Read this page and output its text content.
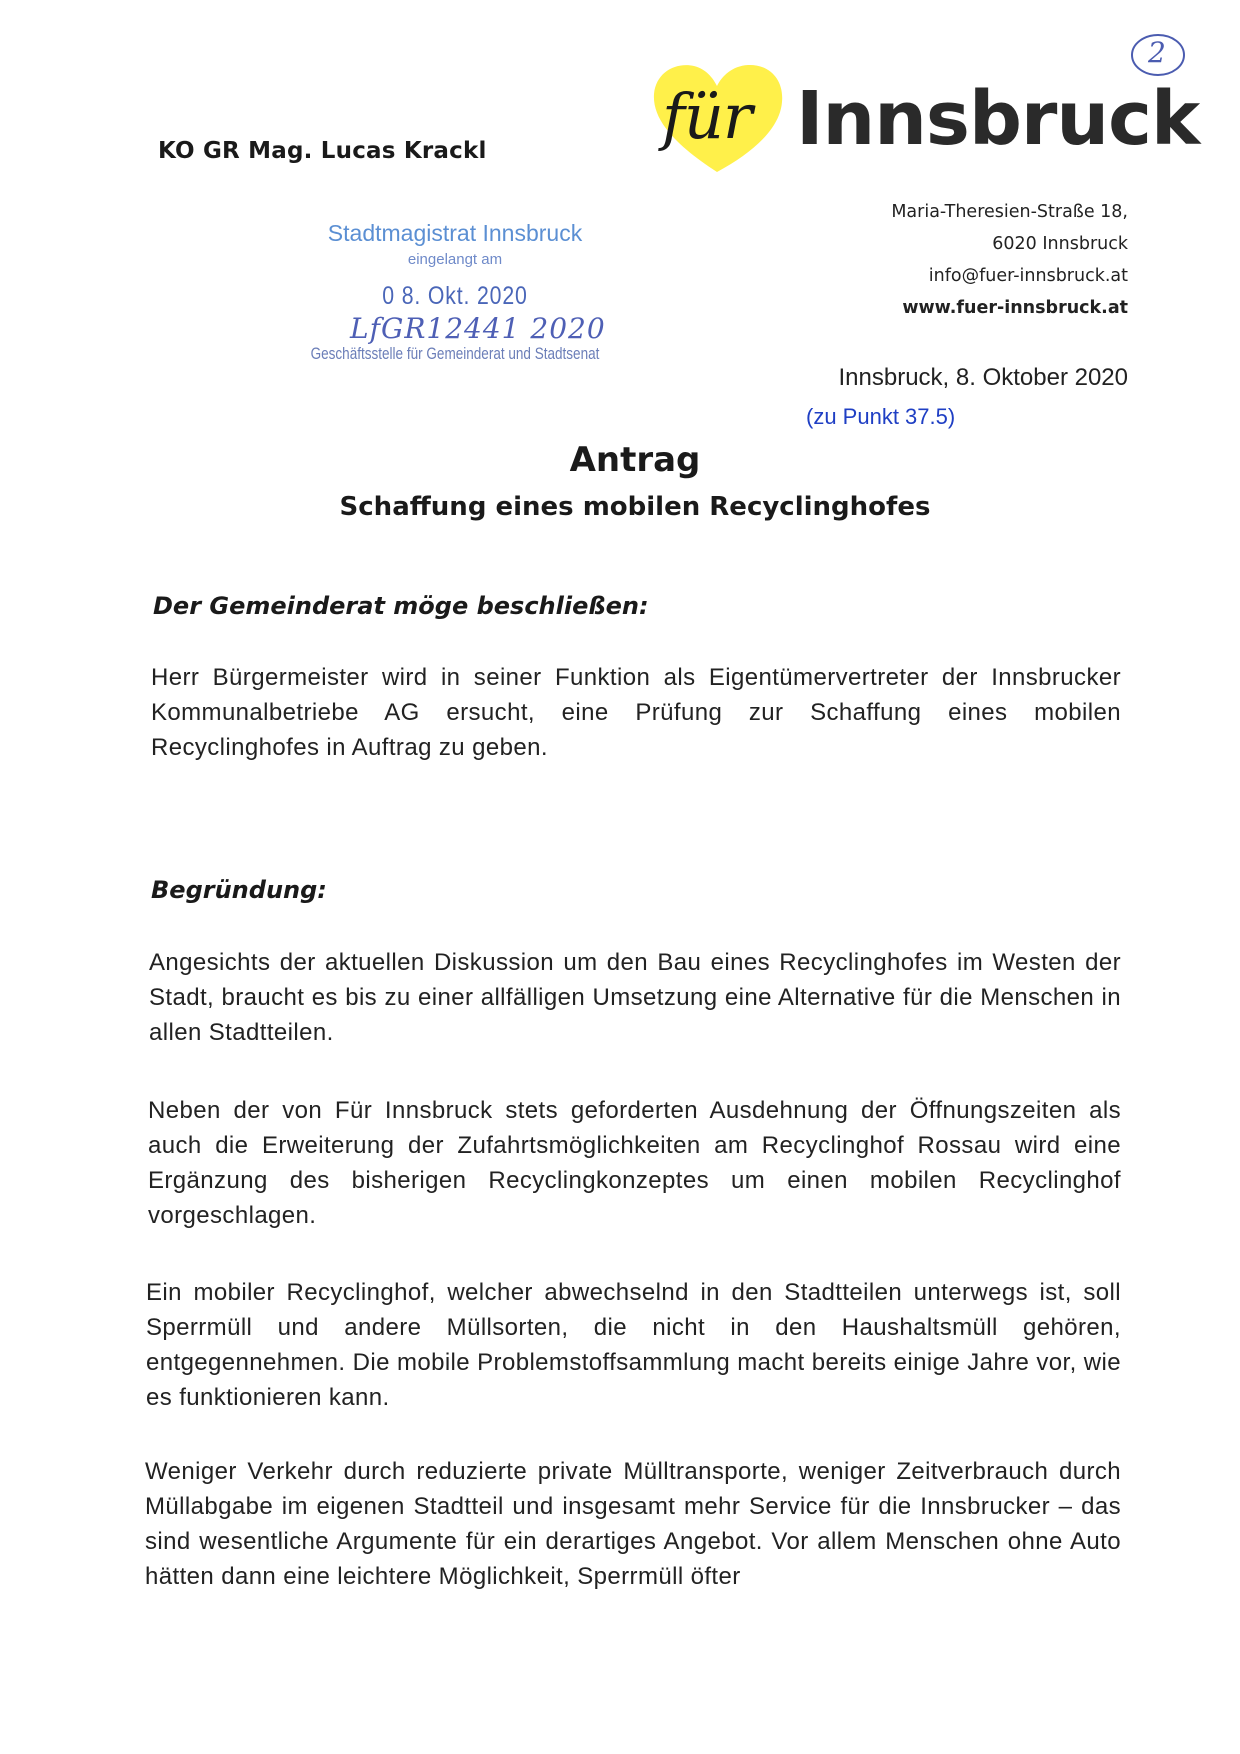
KO GR Mag. Lucas Krackl	für Innsbruck
2
Maria-Theresien-Straße 18,
6020 Innsbruck
info@fuer-innsbruck.at
www.fuer-innsbruck.at
Stadtmagistrat Innsbruck
eingelangt am
0 8. Okt. 2020
LfGR12441 2020
Geschäftsstelle für Gemeinderat und Stadtsenat
Innsbruck, 8. Oktober 2020
(zu Punkt 37.5)
Antrag
Schaffung eines mobilen Recyclinghofes
Der Gemeinderat möge beschließen:
Herr Bürgermeister wird in seiner Funktion als Eigentümervertreter der Innsbrucker Kommunalbetriebe AG ersucht, eine Prüfung zur Schaffung eines mobilen Recyclinghofes in Auftrag zu geben.
Begründung:
Angesichts der aktuellen Diskussion um den Bau eines Recyclinghofes im Westen der Stadt, braucht es bis zu einer allfälligen Umsetzung eine Alternative für die Menschen in allen Stadtteilen.
Neben der von Für Innsbruck stets geforderten Ausdehnung der Öffnungszeiten als auch die Erweiterung der Zufahrtsmöglichkeiten am Recyclinghof Rossau wird eine Ergänzung des bisherigen Recyclingkonzeptes um einen mobilen Recyclinghof vorgeschlagen.
Ein mobiler Recyclinghof, welcher abwechselnd in den Stadtteilen unterwegs ist, soll Sperrmüll und andere Müllsorten, die nicht in den Haushaltsmüll gehören, entgegennehmen. Die mobile Problemstoffsammlung macht bereits einige Jahre vor, wie es funktionieren kann.
Weniger Verkehr durch reduzierte private Mülltransporte, weniger Zeitverbrauch durch Müllabgabe im eigenen Stadtteil und insgesamt mehr Service für die Innsbrucker – das sind wesentliche Argumente für ein derartiges Angebot. Vor allem Menschen ohne Auto hätten dann eine leichtere Möglichkeit, Sperrmüll öfter
